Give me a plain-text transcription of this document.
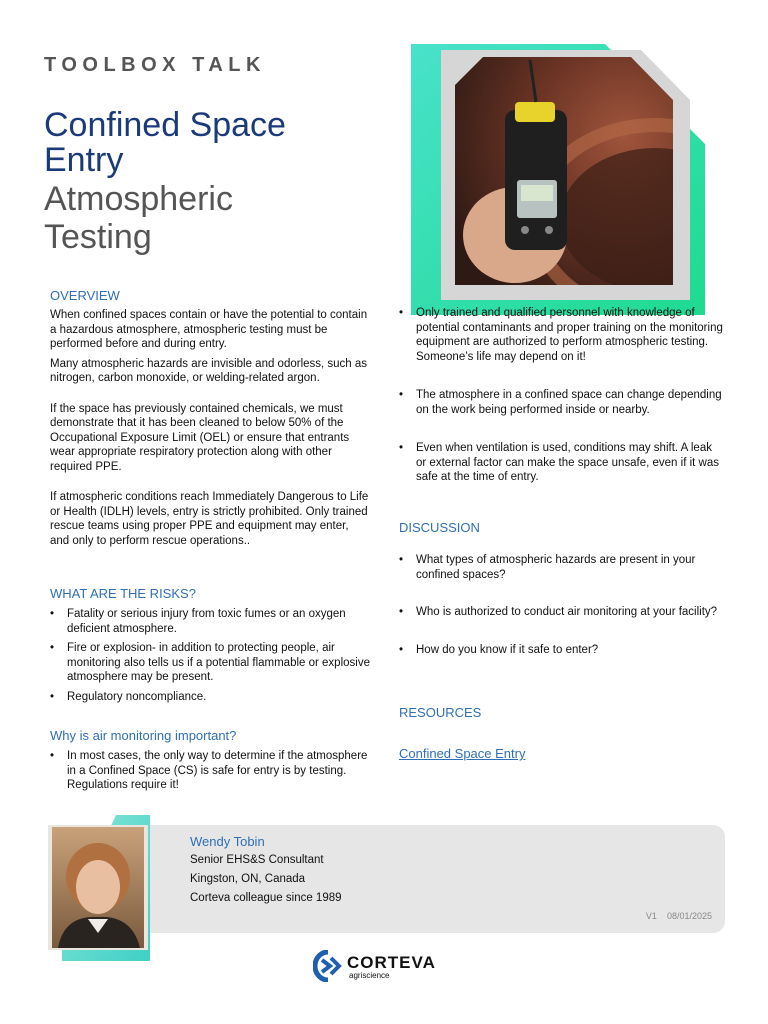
TOOLBOX TALK
Confined Space
Entry
Atmospheric
Testing
OVERVIEW

When confined spaces contain or have the potential to contain a hazardous atmosphere, atmospheric testing must be performed before and during entry.

Many atmospheric hazards are invisible and odorless, such as nitrogen, carbon monoxide, or welding-related argon.

If the space has previously contained chemicals, we must demonstrate that it has been cleaned to below 50% of the Occupational Exposure Limit (OEL) or ensure that entrants wear appropriate respiratory protection along with other required PPE.

If atmospheric conditions reach Immediately Dangerous to Life or Health (IDLH) levels, entry is strictly prohibited. Only trained rescue teams using proper PPE and equipment may enter, and only to perform rescue operations..

WHAT ARE THE RISKS?
• Fatality or serious injury from toxic fumes or an oxygen deficient atmosphere.
• Fire or explosion- in addition to protecting people, air monitoring also tells us if a potential flammable or explosive atmosphere may be present.
• Regulatory noncompliance.
Why is air monitoring important?
• In most cases, the only way to determine if the atmosphere in a Confined Space (CS) is safe for entry is by testing. Regulations require it!
• Only trained and qualified personnel with knowledge of potential contaminants and proper training on the monitoring equipment are authorized to perform atmospheric testing. Someone’s life may depend on it!
• The atmosphere in a confined space can change depending on the work being performed inside or nearby.
• Even when ventilation is used, conditions may shift. A leak or external factor can make the space unsafe, even if it was safe at the time of entry.
DISCUSSION
• What types of atmospheric hazards are present in your confined spaces?
• Who is authorized to conduct air monitoring at your facility?
• How do you know if it safe to enter?
RESOURCES
Confined Space Entry
Wendy Tobin
Senior EHS&S Consultant
Kingston, ON, Canada
Corteva colleague since 1989
V1 08/01/2025
CORTEVA
agriscience
